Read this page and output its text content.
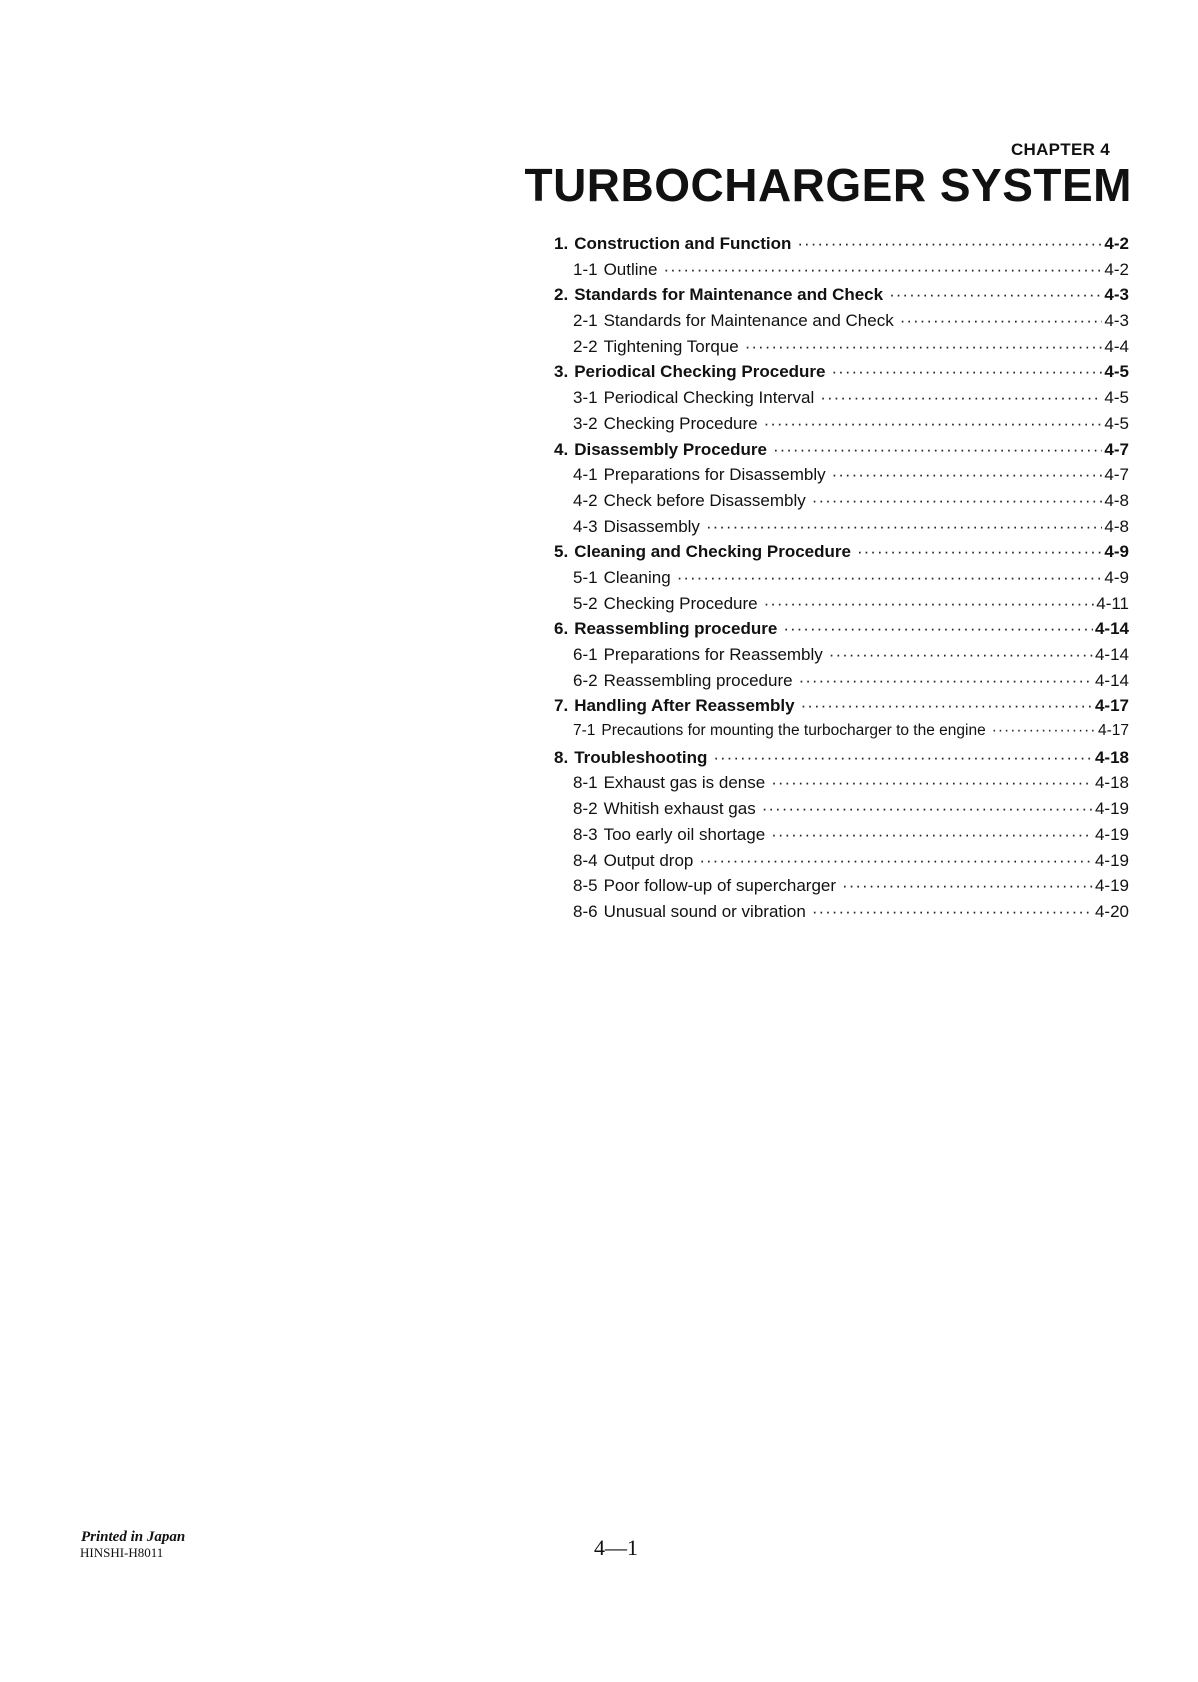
CHAPTER 4
TURBOCHARGER SYSTEM
1. Construction and Function ·····	4-2
1-1 Outline ·····	4-2
2. Standards for Maintenance and Check ·····	4-3
2-1 Standards for Maintenance and Check ·····	4-3
2-2 Tightening Torque ·····	4-4
3. Periodical Checking Procedure ·····	4-5
3-1 Periodical Checking Interval ·····	4-5
3-2 Checking Procedure ·····	4-5
4. Disassembly Procedure ·····	4-7
4-1 Preparations for Disassembly ·····	4-7
4-2 Check before Disassembly ·····	4-8
4-3 Disassembly ·····	4-8
5. Cleaning and Checking Procedure ·····	4-9
5-1 Cleaning ·····	4-9
5-2 Checking Procedure ·····	4-11
6. Reassembling procedure ·····	4-14
6-1 Preparations for Reassembly ·····	4-14
6-2 Reassembling procedure ·····	4-14
7. Handling After Reassembly ·····	4-17
7-1 Precautions for mounting the turbocharger to the engine ·····	4-17
8. Troubleshooting ·····	4-18
8-1 Exhaust gas is dense ·····	4-18
8-2 Whitish exhaust gas ·····	4-19
8-3 Too early oil shortage ·····	4-19
8-4 Output drop ·····	4-19
8-5 Poor follow-up of supercharger ·····	4-19
8-6 Unusual sound or vibration ·····	4-20
Printed in Japan
HINSHI-H8011	4—1
